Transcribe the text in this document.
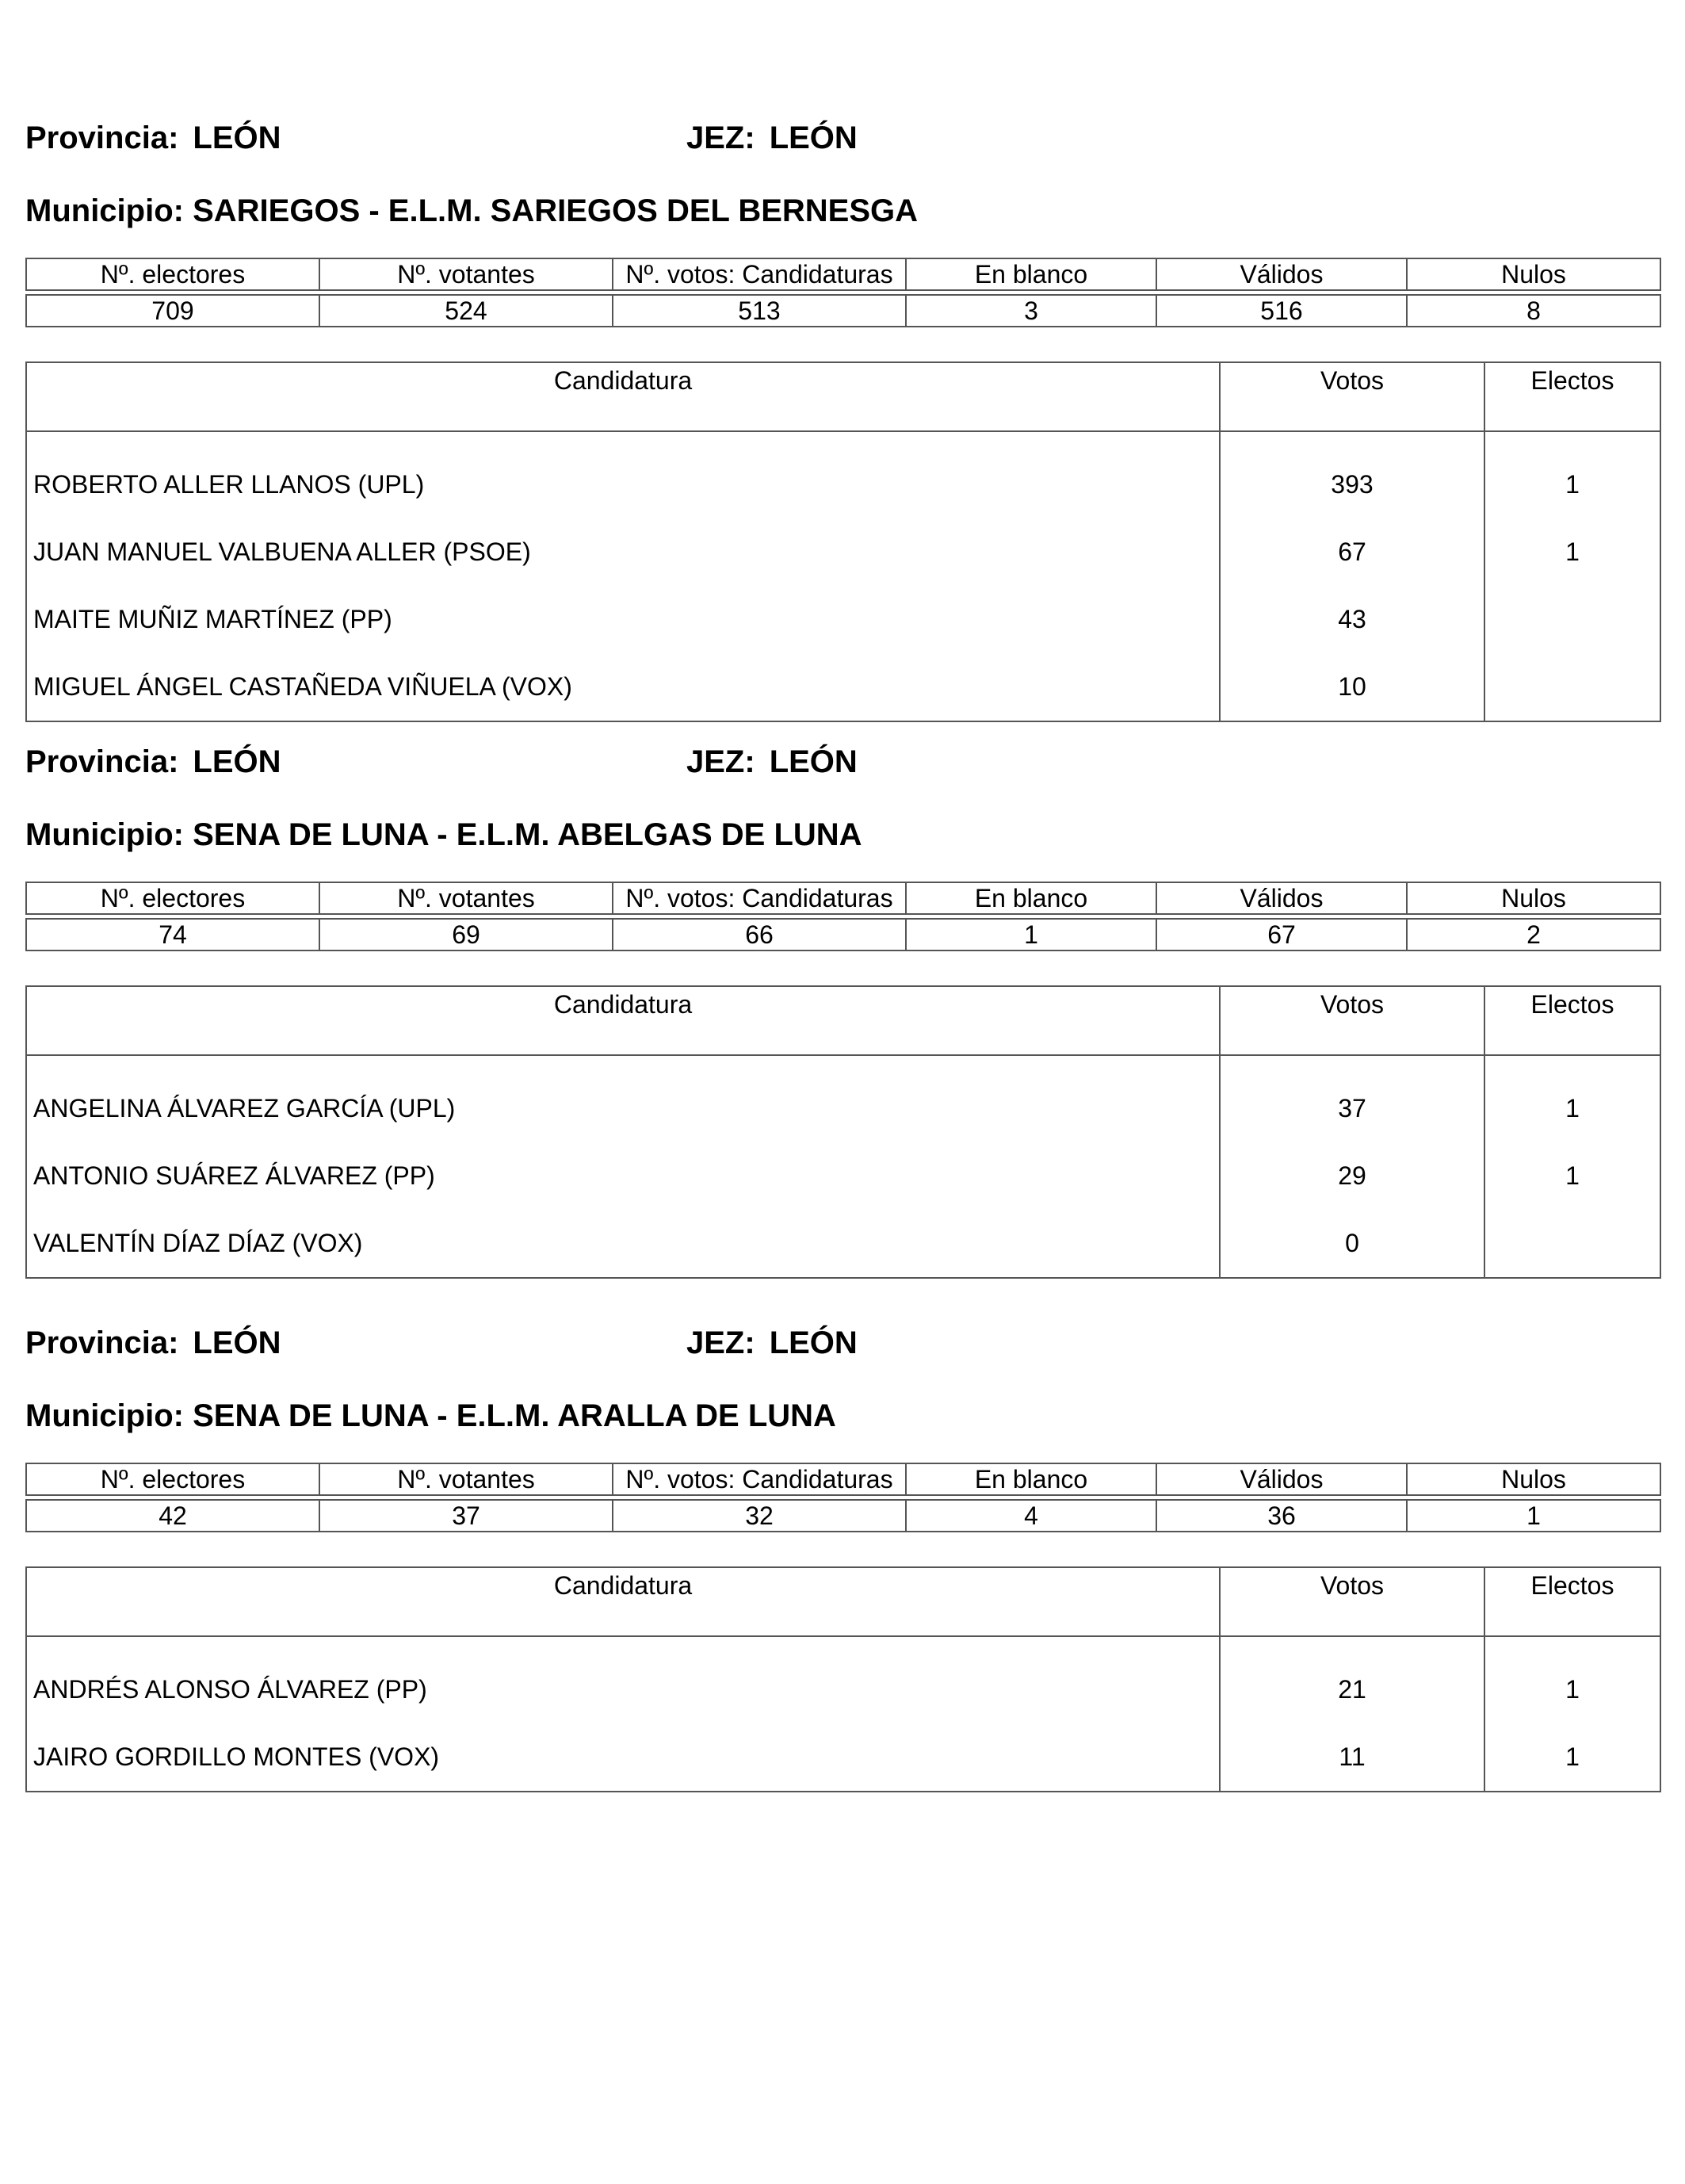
Provincia: LEÓN	JEZ: LEÓN
Municipio: SARIEGOS - E.L.M. SARIEGOS DEL BERNESGA
Nº. electores	Nº. votantes	Nº. votos: Candidaturas	En blanco	Válidos	Nulos

709	524	513	3	516	8
Candidatura	Votos	Electos
ROBERTO ALLER LLANOS (UPL)	393	1
JUAN MANUEL VALBUENA ALLER (PSOE)	67	1
MAITE MUÑIZ MARTÍNEZ (PP)	43	
MIGUEL ÁNGEL CASTAÑEDA VIÑUELA (VOX)	10	
Provincia: LEÓN	JEZ: LEÓN
Municipio: SENA DE LUNA - E.L.M. ABELGAS DE LUNA
Nº. electores	Nº. votantes	Nº. votos: Candidaturas	En blanco	Válidos	Nulos

74	69	66	1	67	2
Candidatura	Votos	Electos
ANGELINA ÁLVAREZ GARCÍA (UPL)	37	1
ANTONIO SUÁREZ ÁLVAREZ (PP)	29	1
VALENTÍN DÍAZ DÍAZ (VOX)	0	
Provincia: LEÓN	JEZ: LEÓN
Municipio: SENA DE LUNA - E.L.M. ARALLA DE LUNA
Nº. electores	Nº. votantes	Nº. votos: Candidaturas	En blanco	Válidos	Nulos

42	37	32	4	36	1
Candidatura	Votos	Electos
ANDRÉS ALONSO ÁLVAREZ (PP)	21	1
JAIRO GORDILLO MONTES (VOX)	11	1
